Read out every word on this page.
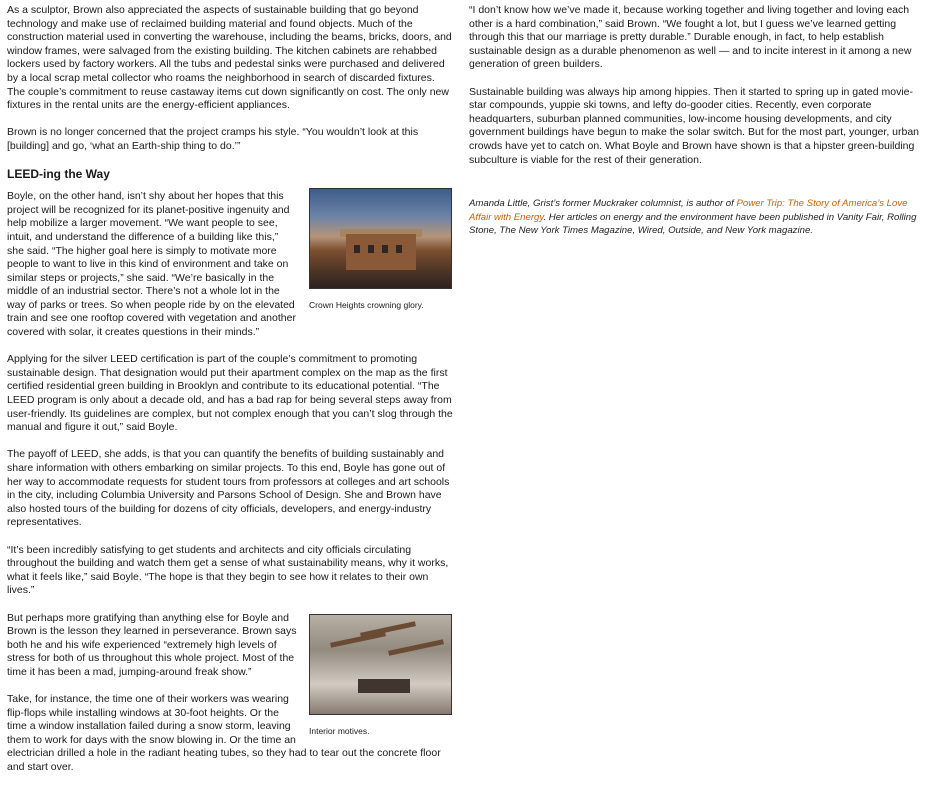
As a sculptor, Brown also appreciated the aspects of sustainable building that go beyond technology and make use of reclaimed building material and found objects. Much of the construction material used in converting the warehouse, including the beams, bricks, doors, and window frames, were salvaged from the existing building. The kitchen cabinets are rehabbed lockers used by factory workers. All the tubs and pedestal sinks were purchased and delivered by a local scrap metal collector who roams the neighborhood in search of discarded fixtures. The couple’s commitment to reuse castaway items cut down significantly on cost. The only new fixtures in the rental units are the energy-efficient appliances.

Brown is no longer concerned that the project cramps his style. “You wouldn’t look at this [building] and go, ‘what an Earth-ship thing to do.’”

LEED-ing the Way
Crown Heights crowning glory.

Boyle, on the other hand, isn’t shy about her hopes that this project will be recognized for its planet-positive ingenuity and help mobilize a larger movement. “We want people to see, intuit, and understand the difference of a building like this,” she said. “The higher goal here is simply to motivate more people to want to live in this kind of environment and take on similar steps or projects,” she said. “We’re basically in the middle of an industrial sector. There’s not a whole lot in the way of parks or trees. So when people ride by on the elevated train and see one rooftop covered with vegetation and another covered with solar, it creates questions in their minds.”

Applying for the silver LEED certification is part of the couple’s commitment to promoting sustainable design. That designation would put their apartment complex on the map as the first certified residential green building in Brooklyn and contribute to its educational potential. “The LEED program is only about a decade old, and has a bad rap for being several steps away from user-friendly. Its guidelines are complex, but not complex enough that you can’t slog through the manual and figure it out,” said Boyle.

The payoff of LEED, she adds, is that you can quantify the benefits of building sustainably and share information with others embarking on similar projects. To this end, Boyle has gone out of her way to accommodate requests for student tours from professors at colleges and art schools in the city, including Columbia University and Parsons School of Design. She and Brown have also hosted tours of the building for dozens of city officials, developers, and energy-industry representatives.

“It’s been incredibly satisfying to get students and architects and city officials circulating throughout the building and watch them get a sense of what sustainability means, why it works, what it feels like,” said Boyle. “The hope is that they begin to see how it relates to their own lives.”

Interior motives.

But perhaps more gratifying than anything else for Boyle and Brown is the lesson they learned in perseverance. Brown says both he and his wife experienced “extremely high levels of stress for both of us throughout this whole project. Most of the time it has been a mad, jumping-around freak show.”

Take, for instance, the time one of their workers was wearing flip-flops while installing windows at 30-foot heights. Or the time a window installation failed during a snow storm, leaving them to work for days with the snow blowing in. Or the time an electrician drilled a hole in the radiant heating tubes, so they had to tear out the concrete floor and start over.

“I don’t know how we’ve made it, because working together and living together and loving each other is a hard combination,” said Brown. “We fought a lot, but I guess we’ve learned getting through this that our marriage is pretty durable.” Durable enough, in fact, to help establish sustainable design as a durable phenomenon as well — and to incite interest in it among a new generation of green builders.

Sustainable building was always hip among hippies. Then it started to spring up in gated movie-star compounds, yuppie ski towns, and lefty do-gooder cities. Recently, even corporate headquarters, suburban planned communities, low-income housing developments, and city government buildings have begun to make the solar switch. But for the most part, younger, urban crowds have yet to catch on. What Boyle and Brown have shown is that a hipster green-building subculture is viable for the rest of their generation.

Amanda Little, Grist’s former Muckraker columnist, is author of Power Trip: The Story of America’s Love Affair with Energy. Her articles on energy and the environment have been published in Vanity Fair, Rolling Stone, The New York Times Magazine, Wired, Outside, and New York magazine.
